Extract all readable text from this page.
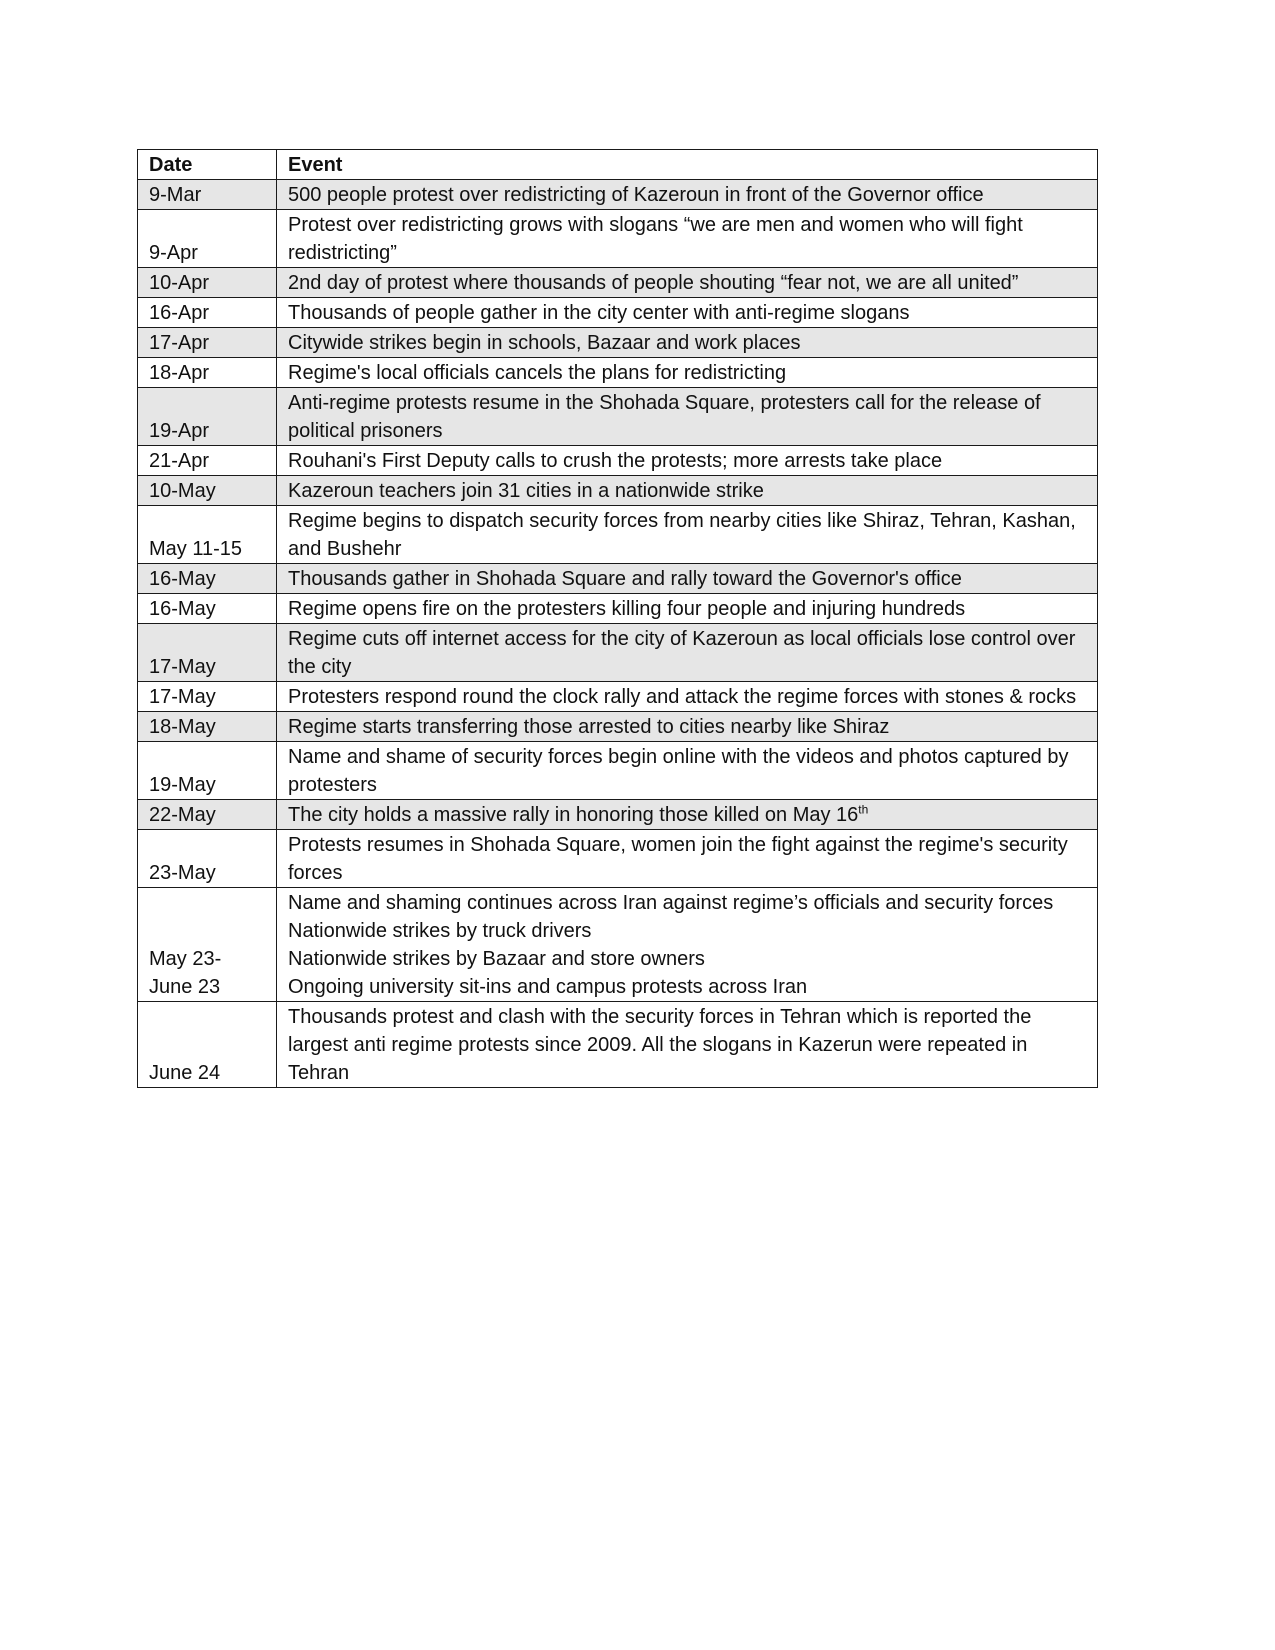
Date	Event

9-Mar	500 people protest over redistricting of Kazeroun in front of the Governor office

9-Apr	Protest over redistricting grows with slogans “we are men and women who will fight redistricting”

10-Apr	2nd day of protest where thousands of people shouting “fear not, we are all united”

16-Apr	Thousands of people gather in the city center with anti-regime slogans

17-Apr	Citywide strikes begin in schools, Bazaar and work places

18-Apr	Regime's local officials cancels the plans for redistricting

19-Apr	Anti-regime protests resume in the Shohada Square, protesters call for the release of political prisoners

21-Apr	Rouhani's First Deputy calls to crush the protests; more arrests take place

10-May	Kazeroun teachers join 31 cities in a nationwide strike

May 11-15	Regime begins to dispatch security forces from nearby cities like Shiraz, Tehran, Kashan, and Bushehr

16-May	Thousands gather in Shohada Square and rally toward the Governor's office

16-May	Regime opens fire on the protesters killing four people and injuring hundreds

17-May	Regime cuts off internet access for the city of Kazeroun as local officials lose control over the city

17-May	Protesters respond round the clock rally and attack the regime forces with stones & rocks

18-May	Regime starts transferring those arrested to cities nearby like Shiraz

19-May	Name and shame of security forces begin online with the videos and photos captured by protesters

22-May	The city holds a massive rally in honoring those killed on May 16th

23-May	Protests resumes in Shohada Square, women join the fight against the regime's security forces

May 23-
June 23	Name and shaming continues across Iran against regime’s officials and security forces
Nationwide strikes by truck drivers
Nationwide strikes by Bazaar and store owners
Ongoing university sit-ins and campus protests across Iran

June 24	Thousands protest and clash with the security forces in Tehran which is reported the largest anti regime protests since 2009. All the slogans in Kazerun were repeated in Tehran
